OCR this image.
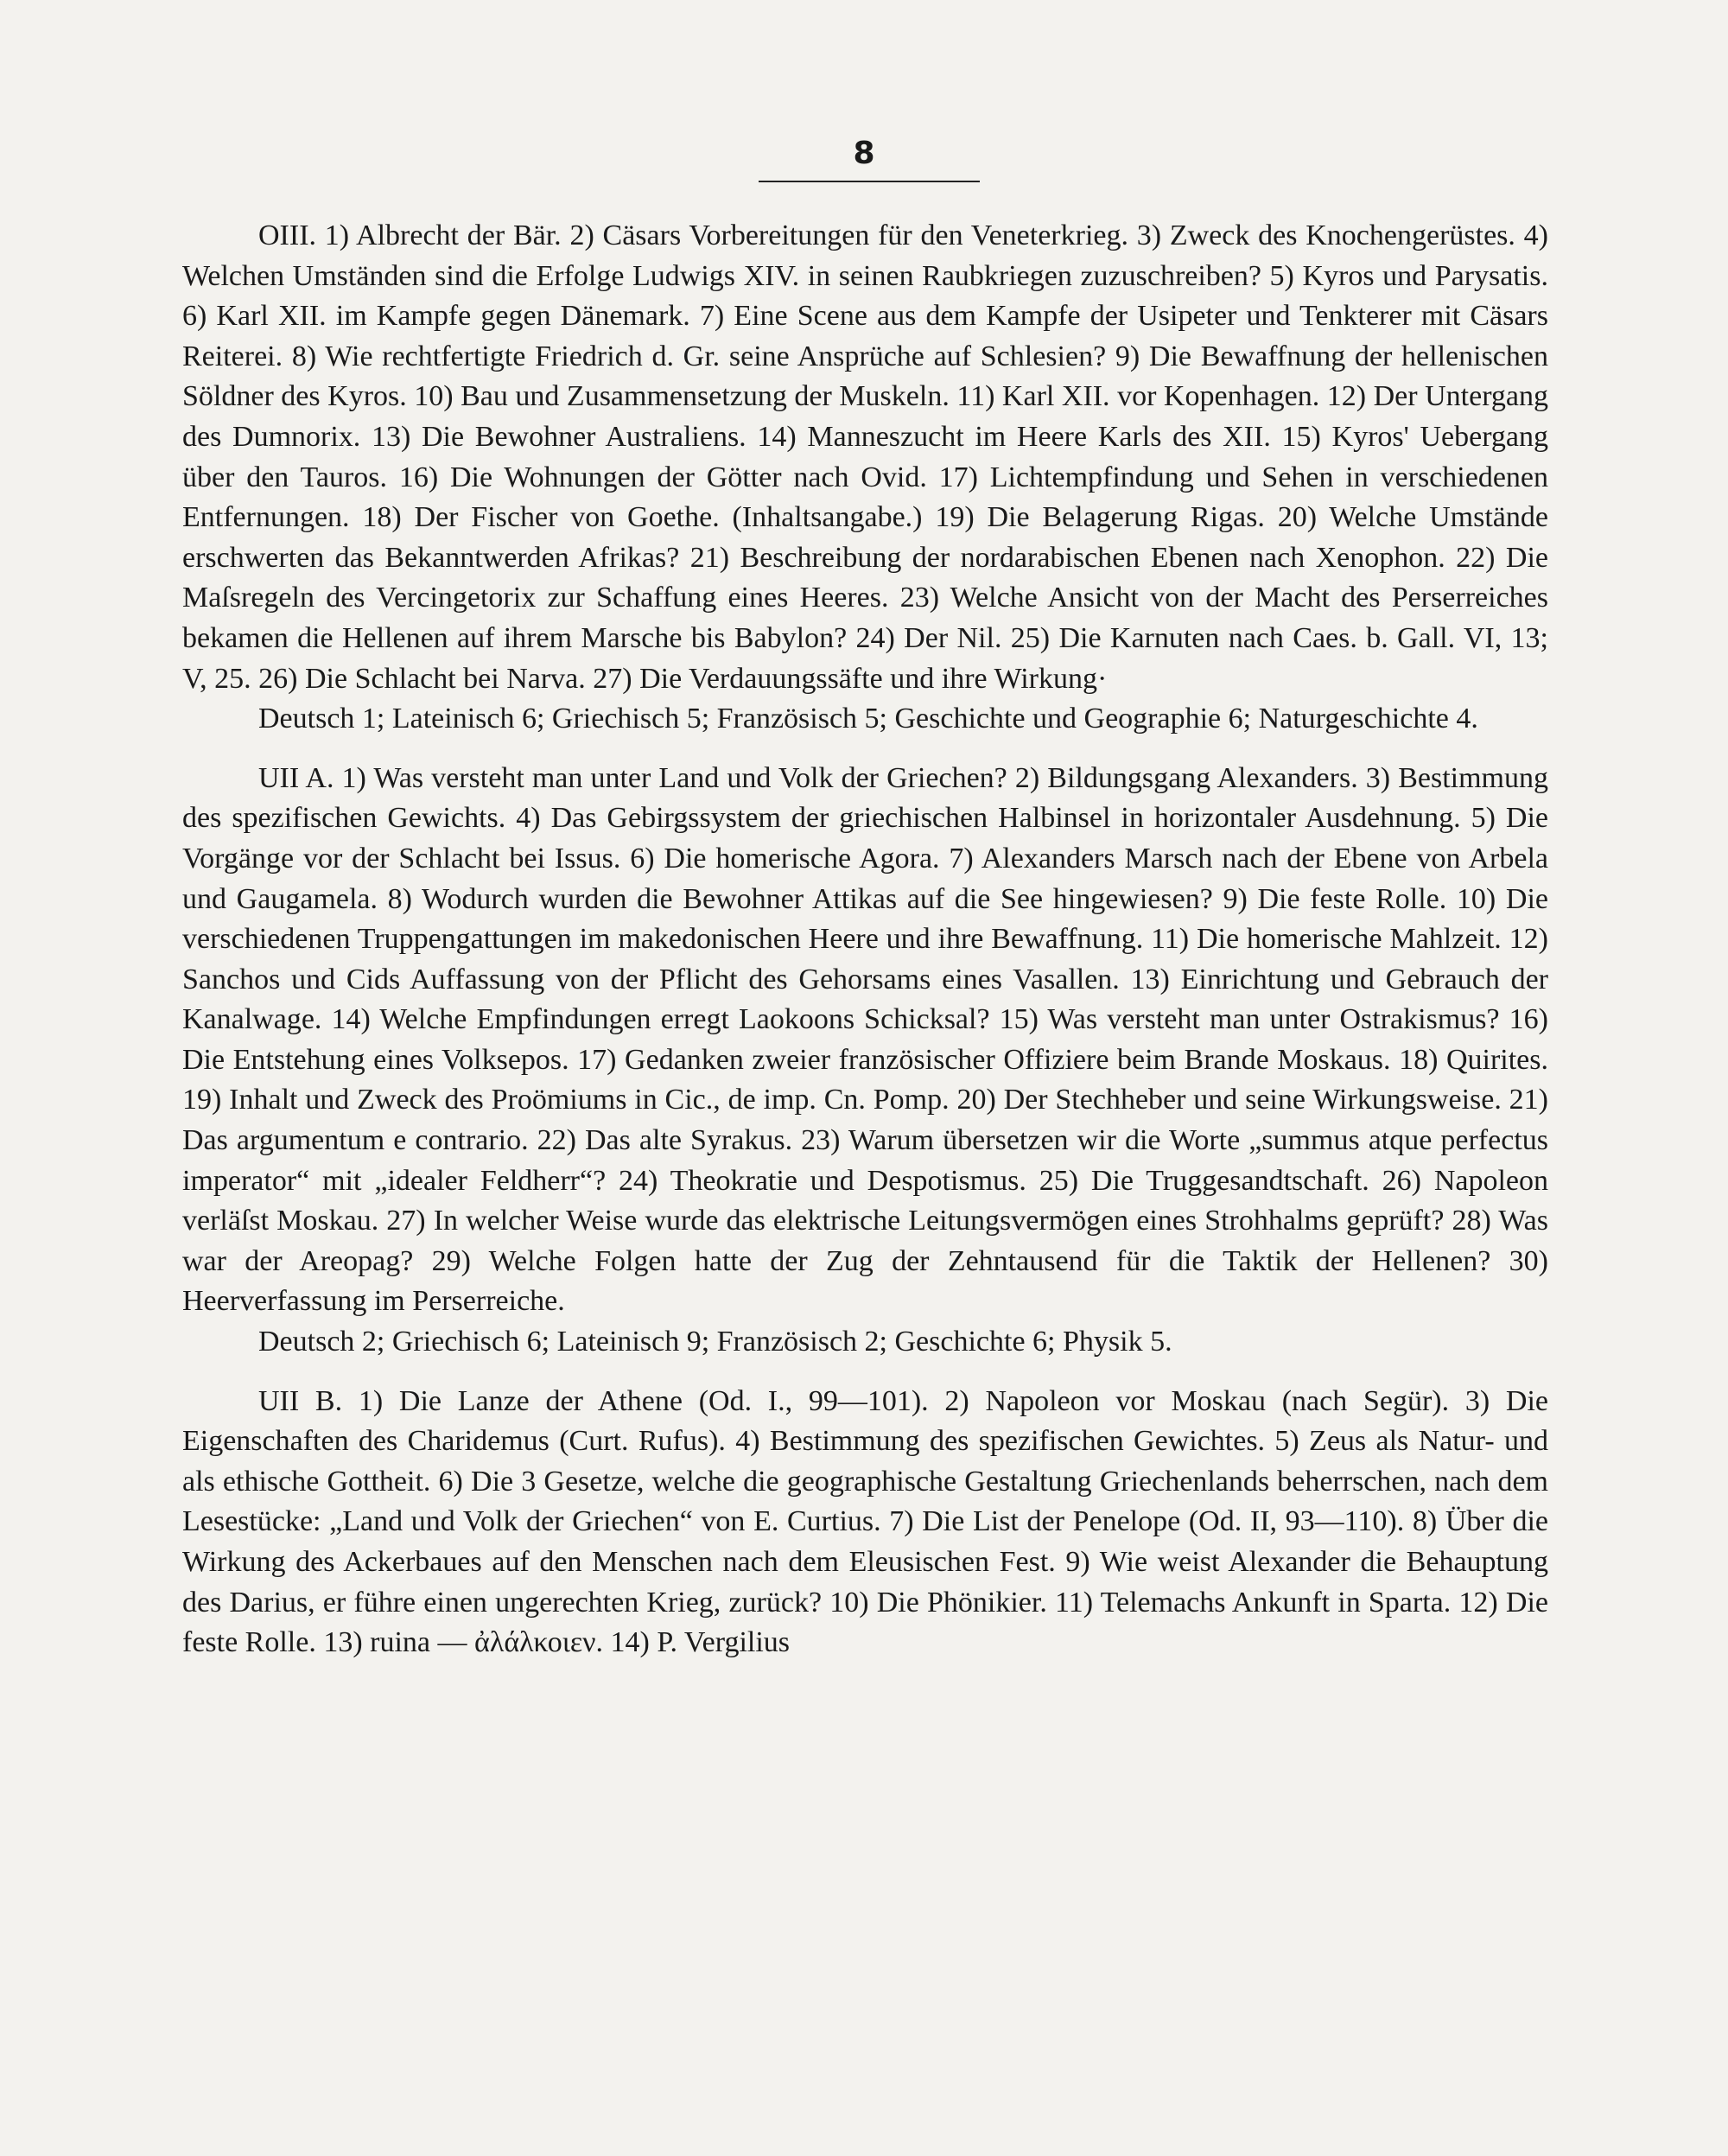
8

OIII. 1) Albrecht der Bär. 2) Cäsars Vorbereitungen für den Veneterkrieg. 3) Zweck des Knochengerüstes. 4) Welchen Umständen sind die Erfolge Ludwigs XIV. in seinen Raubkriegen zuzuschreiben? 5) Kyros und Parysatis. 6) Karl XII. im Kampfe gegen Dänemark. 7) Eine Scene aus dem Kampfe der Usipeter und Tenkterer mit Cäsars Reiterei. 8) Wie rechtfertigte Friedrich d. Gr. seine Ansprüche auf Schlesien? 9) Die Bewaffnung der hellenischen Söldner des Kyros. 10) Bau und Zusammensetzung der Muskeln. 11) Karl XII. vor Kopenhagen. 12) Der Untergang des Dumnorix. 13) Die Bewohner Australiens. 14) Manneszucht im Heere Karls des XII. 15) Kyros' Uebergang über den Tauros. 16) Die Wohnungen der Götter nach Ovid. 17) Lichtempfindung und Sehen in verschiedenen Entfernungen. 18) Der Fischer von Goethe. (Inhaltsangabe.) 19) Die Belagerung Rigas. 20) Welche Umstände erschwerten das Bekanntwerden Afrikas? 21) Beschreibung der nordarabischen Ebenen nach Xenophon. 22) Die Maſsregeln des Vercingetorix zur Schaffung eines Heeres. 23) Welche Ansicht von der Macht des Perserreiches bekamen die Hellenen auf ihrem Marsche bis Babylon? 24) Der Nil. 25) Die Karnuten nach Caes. b. Gall. VI, 13; V, 25. 26) Die Schlacht bei Narva. 27) Die Verdauungssäfte und ihre Wirkung·

Deutsch 1; Lateinisch 6; Griechisch 5; Französisch 5; Geschichte und Geographie 6; Naturgeschichte 4.

UII A. 1) Was versteht man unter Land und Volk der Griechen? 2) Bildungsgang Alexanders. 3) Bestimmung des spezifischen Gewichts. 4) Das Gebirgssystem der griechischen Halbinsel in horizontaler Ausdehnung. 5) Die Vorgänge vor der Schlacht bei Issus. 6) Die homerische Agora. 7) Alexanders Marsch nach der Ebene von Arbela und Gaugamela. 8) Wodurch wurden die Bewohner Attikas auf die See hingewiesen? 9) Die feste Rolle. 10) Die verschiedenen Truppengattungen im makedonischen Heere und ihre Bewaffnung. 11) Die homerische Mahlzeit. 12) Sanchos und Cids Auffassung von der Pflicht des Gehorsams eines Vasallen. 13) Einrichtung und Gebrauch der Kanalwage. 14) Welche Empfindungen erregt Laokoons Schicksal? 15) Was versteht man unter Ostrakismus? 16) Die Entstehung eines Volksepos. 17) Gedanken zweier französischer Offiziere beim Brande Moskaus. 18) Quirites. 19) Inhalt und Zweck des Proömiums in Cic., de imp. Cn. Pomp. 20) Der Stechheber und seine Wirkungsweise. 21) Das argumentum e contrario. 22) Das alte Syrakus. 23) Warum übersetzen wir die Worte „summus atque perfectus imperator“ mit „idealer Feldherr“? 24) Theokratie und Despotismus. 25) Die Truggesandtschaft. 26) Napoleon verläſst Moskau. 27) In welcher Weise wurde das elektrische Leitungsvermögen eines Strohhalms geprüft? 28) Was war der Areopag? 29) Welche Folgen hatte der Zug der Zehntausend für die Taktik der Hellenen? 30) Heerverfassung im Perserreiche.

Deutsch 2; Griechisch 6; Lateinisch 9; Französisch 2; Geschichte 6; Physik 5.

UII B. 1) Die Lanze der Athene (Od. I., 99—101). 2) Napoleon vor Moskau (nach Segür). 3) Die Eigenschaften des Charidemus (Curt. Rufus). 4) Bestimmung des spezifischen Gewichtes. 5) Zeus als Natur- und als ethische Gottheit. 6) Die 3 Gesetze, welche die geographische Gestaltung Griechenlands beherrschen, nach dem Lesestücke: „Land und Volk der Griechen“ von E. Curtius. 7) Die List der Penelope (Od. II, 93—110). 8) Über die Wirkung des Ackerbaues auf den Menschen nach dem Eleusischen Fest. 9) Wie weist Alexander die Behauptung des Darius, er führe einen ungerechten Krieg, zurück? 10) Die Phönikier. 11) Telemachs Ankunft in Sparta. 12) Die feste Rolle. 13) ruina — ἀλάλκοιεν. 14) P. Vergilius
